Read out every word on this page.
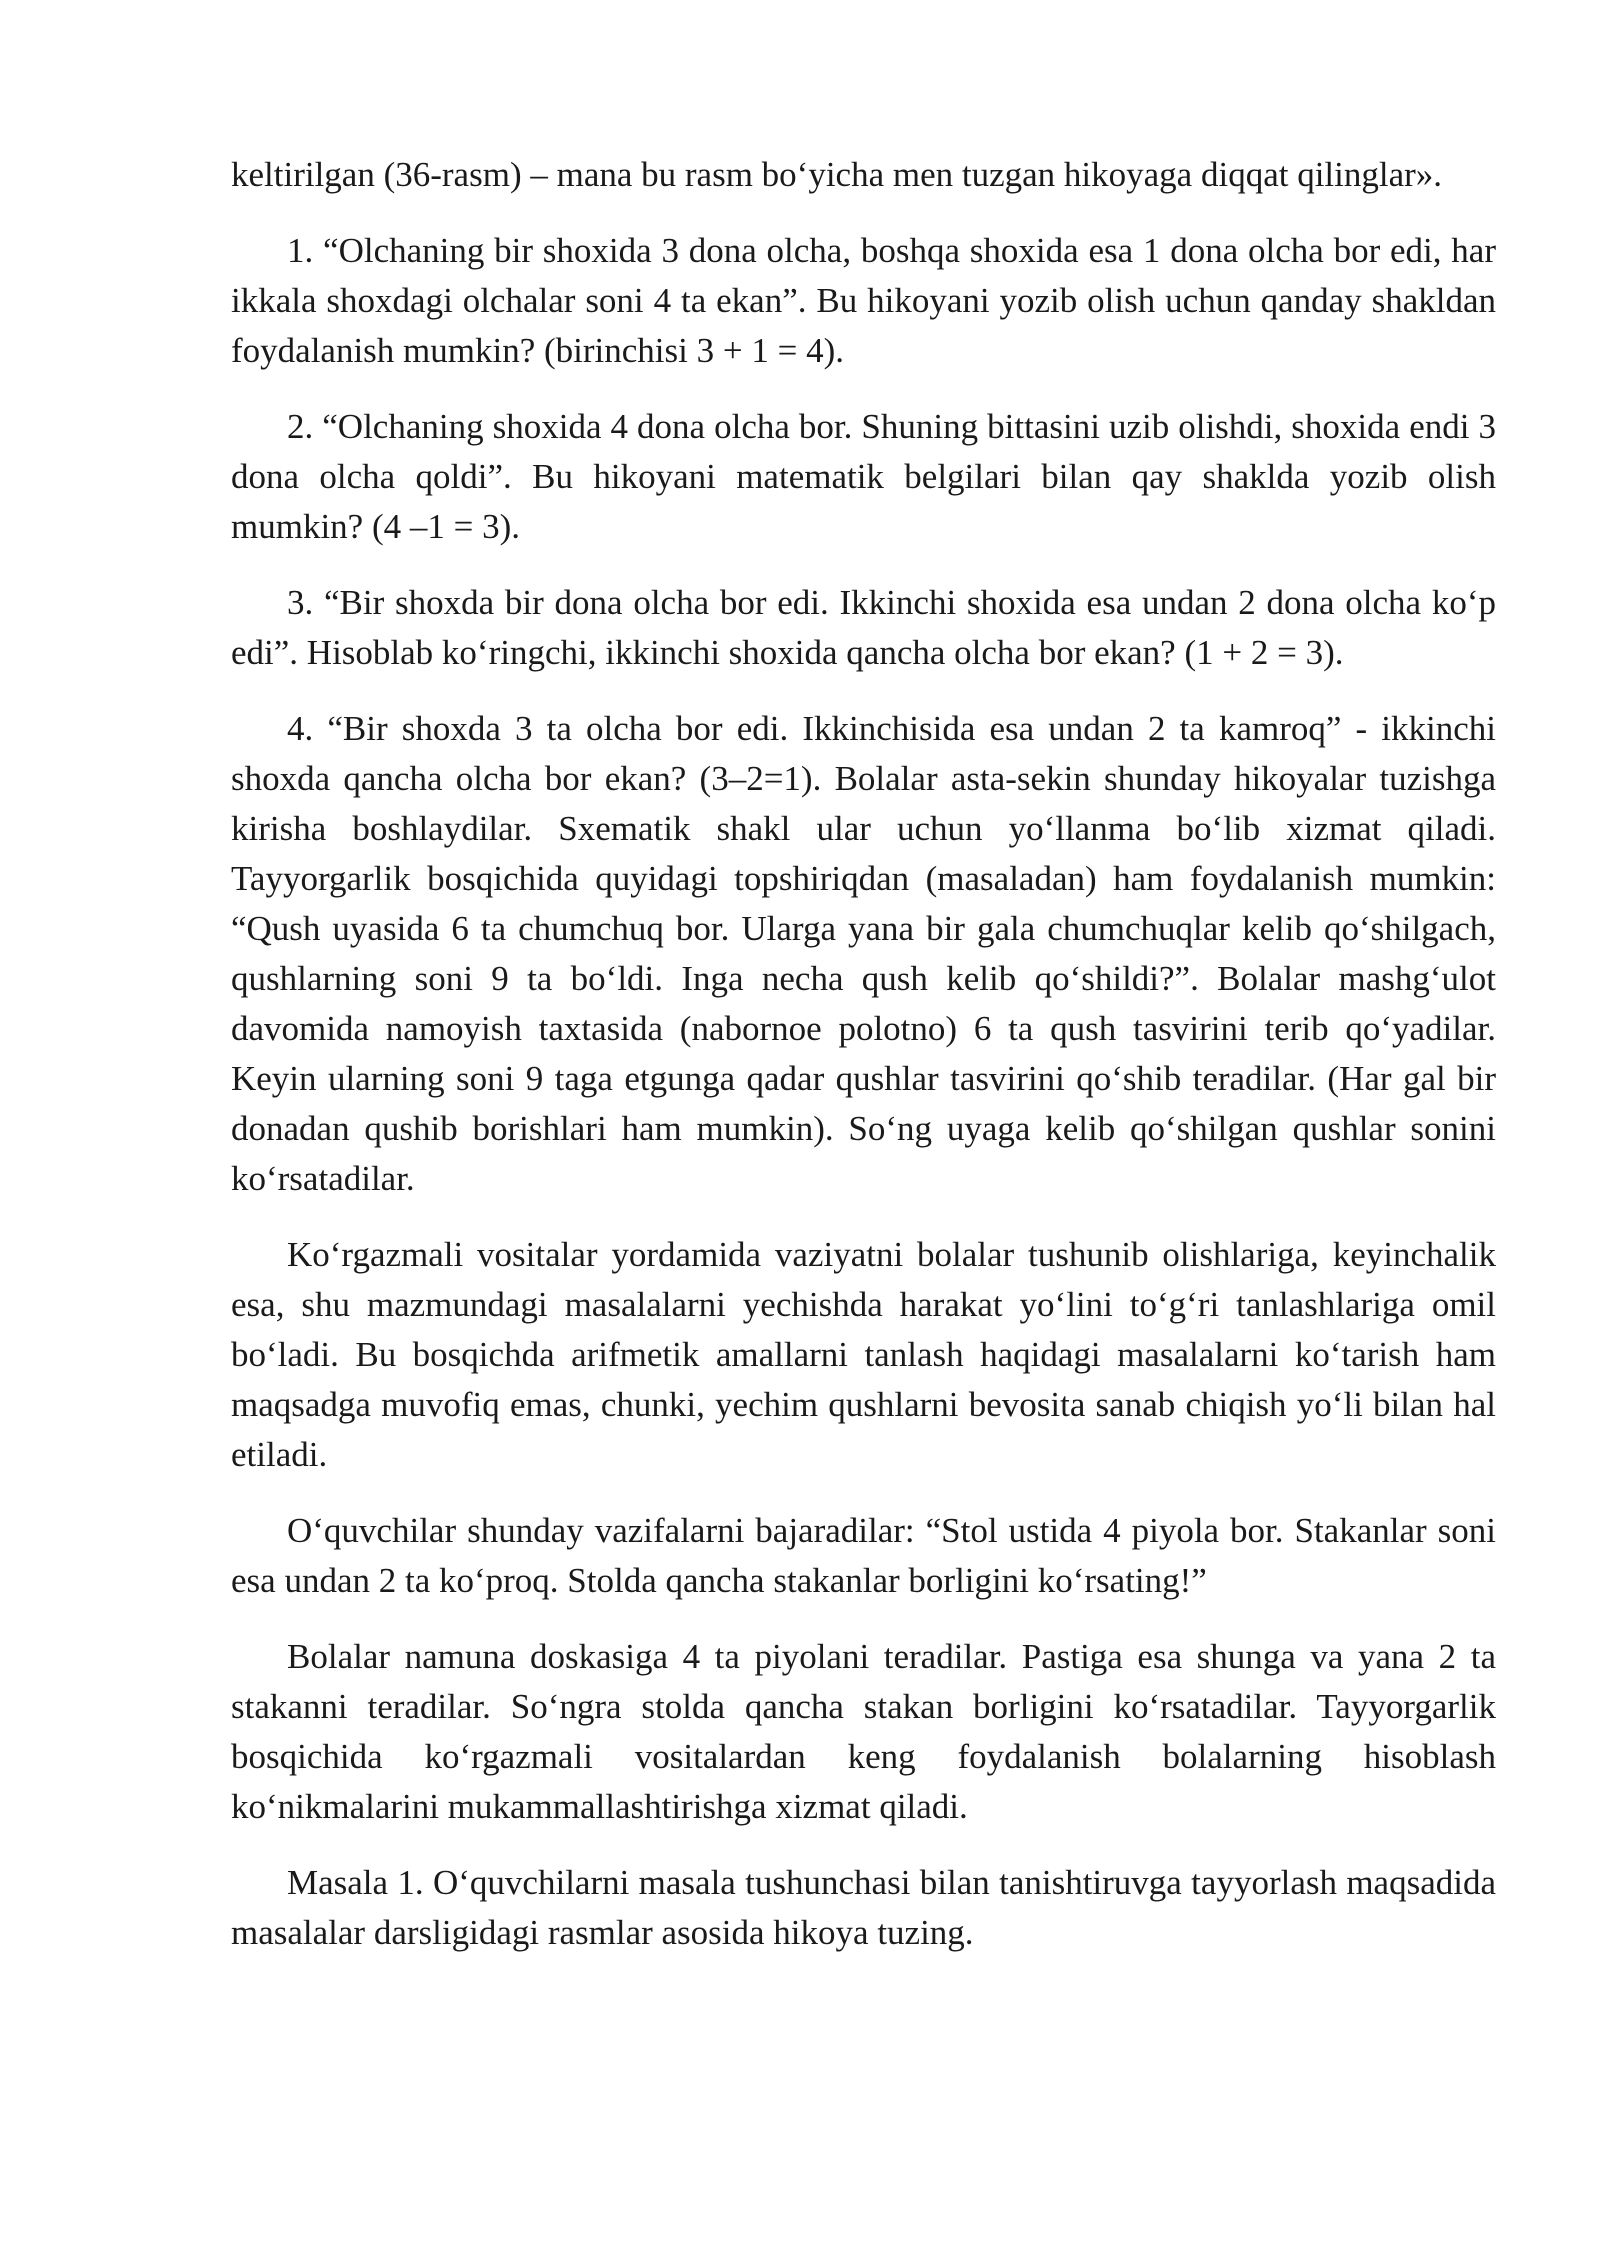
keltirilgan (36-rasm) – mana bu rasm bo‘yicha men tuzgan hikoyaga diqqat qilinglar».

1. “Olchaning bir shoxida 3 dona olcha, boshqa shoxida esa 1 dona olcha bor edi, har ikkala shoxdagi olchalar soni 4 ta ekan”. Bu hikoyani yozib olish uchun qanday shakldan foydalanish mumkin? (birinchisi 3 + 1 = 4).

2. “Olchaning shoxida 4 dona olcha bor. Shuning bittasini uzib olishdi, shoxida endi 3 dona olcha qoldi”. Bu hikoyani matematik belgilari bilan qay shaklda yozib olish mumkin? (4 –1 = 3).

3. “Bir shoxda bir dona olcha bor edi. Ikkinchi shoxida esa undan 2 dona olcha ko‘p edi”. Hisoblab ko‘ringchi, ikkinchi shoxida qancha olcha bor ekan? (1 + 2 = 3).

4. “Bir shoxda 3 ta olcha bor edi. Ikkinchisida esa undan 2 ta kamroq” - ikkinchi shoxda qancha olcha bor ekan? (3–2=1). Bolalar asta-sekin shunday hikoyalar tuzishga kirisha boshlaydilar. Sxematik shakl ular uchun yo‘llanma bo‘lib xizmat qiladi. Tayyorgarlik bosqichida quyidagi topshiriqdan (masaladan) ham foydalanish mumkin: “Qush uyasida 6 ta chumchuq bor. Ularga yana bir gala chumchuqlar kelib qo‘shilgach, qushlarning soni 9 ta bo‘ldi. Inga necha qush kelib qo‘shildi?”. Bolalar mashg‘ulot davomida namoyish taxtasida (nabornoe polotno) 6 ta qush tasvirini terib qo‘yadilar. Keyin ularning soni 9 taga etgunga qadar qushlar tasvirini qo‘shib teradilar. (Har gal bir donadan qushib borishlari ham mumkin). So‘ng uyaga kelib qo‘shilgan qushlar sonini ko‘rsatadilar.

Ko‘rgazmali vositalar yordamida vaziyatni bolalar tushunib olishlariga, keyinchalik esa, shu mazmundagi masalalarni yechishda harakat yo‘lini to‘g‘ri tanlashlariga omil bo‘ladi. Bu bosqichda arifmetik amallarni tanlash haqidagi masalalarni ko‘tarish ham maqsadga muvofiq emas, chunki, yechim qushlarni bevosita sanab chiqish yo‘li bilan hal etiladi.

O‘quvchilar shunday vazifalarni bajaradilar: “Stol ustida 4 piyola bor. Stakanlar soni esa undan 2 ta ko‘proq. Stolda qancha stakanlar borligini ko‘rsating!”

Bolalar namuna doskasiga 4 ta piyolani teradilar. Pastiga esa shunga va yana 2 ta stakanni teradilar. So‘ngra stolda qancha stakan borligini ko‘rsatadilar. Tayyorgarlik bosqichida ko‘rgazmali vositalardan keng foydalanish bolalarning hisoblash ko‘nikmalarini mukammallashtirishga xizmat qiladi.

Masala 1. O‘quvchilarni masala tushunchasi bilan tanishtiruvga tayyorlash maqsadida masalalar darsligidagi rasmlar asosida hikoya tuzing.
